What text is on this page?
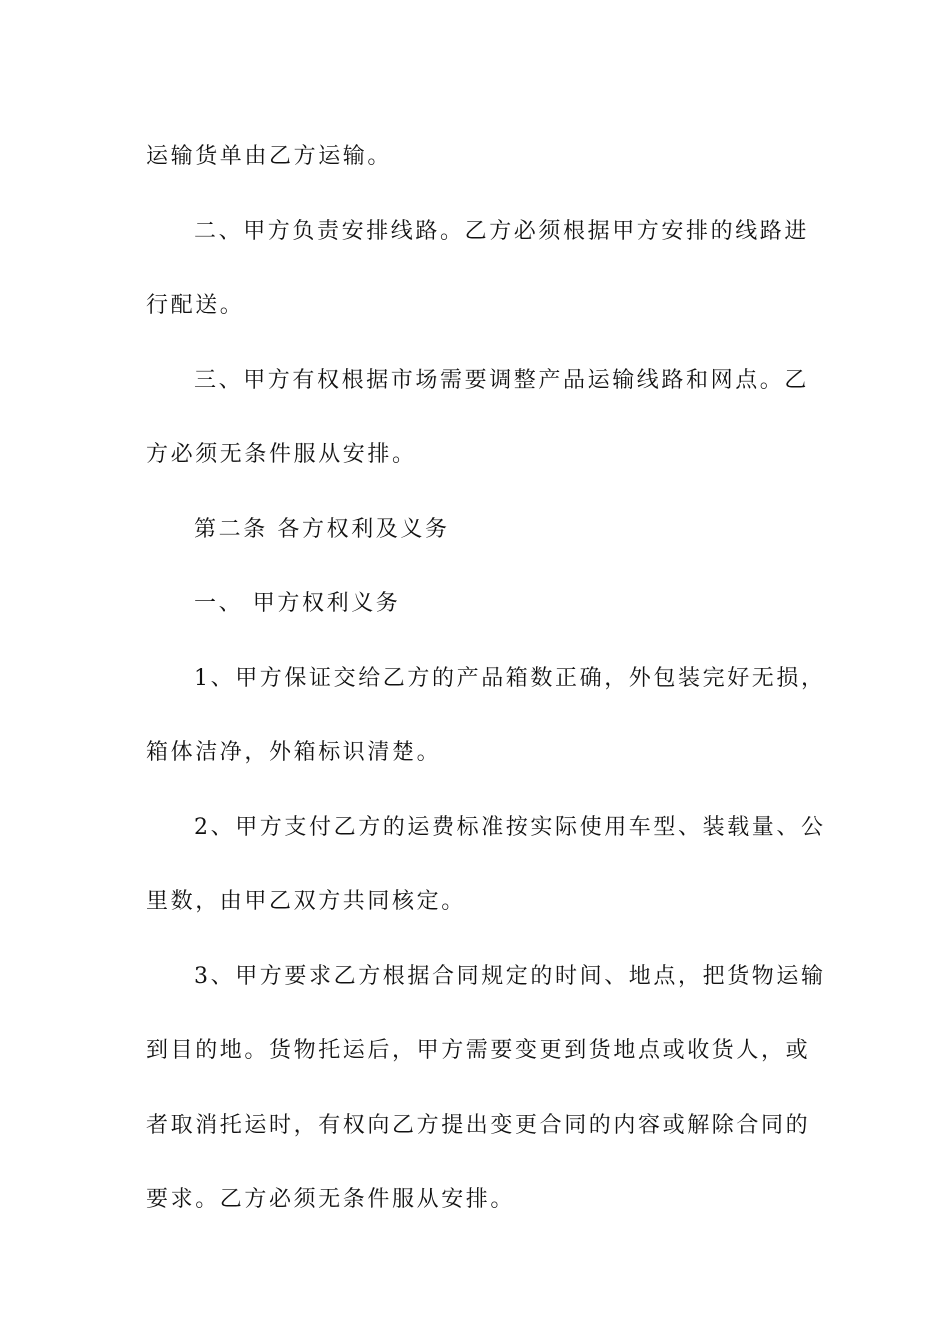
运输货单由乙方运输。
二、甲方负责安排线路。乙方必须根据甲方安排的线路进
行配送。
三、甲方有权根据市场需要调整产品运输线路和网点。乙
方必须无条件服从安排。
第二条 各方权利及义务
一、 甲方权利义务
1、甲方保证交给乙方的产品箱数正确，外包装完好无损，
箱体洁净，外箱标识清楚。
2、甲方支付乙方的运费标准按实际使用车型、装载量、公
里数，由甲乙双方共同核定。
3、甲方要求乙方根据合同规定的时间、地点，把货物运输
到目的地。货物托运后，甲方需要变更到货地点或收货人，或
者取消托运时，有权向乙方提出变更合同的内容或解除合同的
要求。乙方必须无条件服从安排。
